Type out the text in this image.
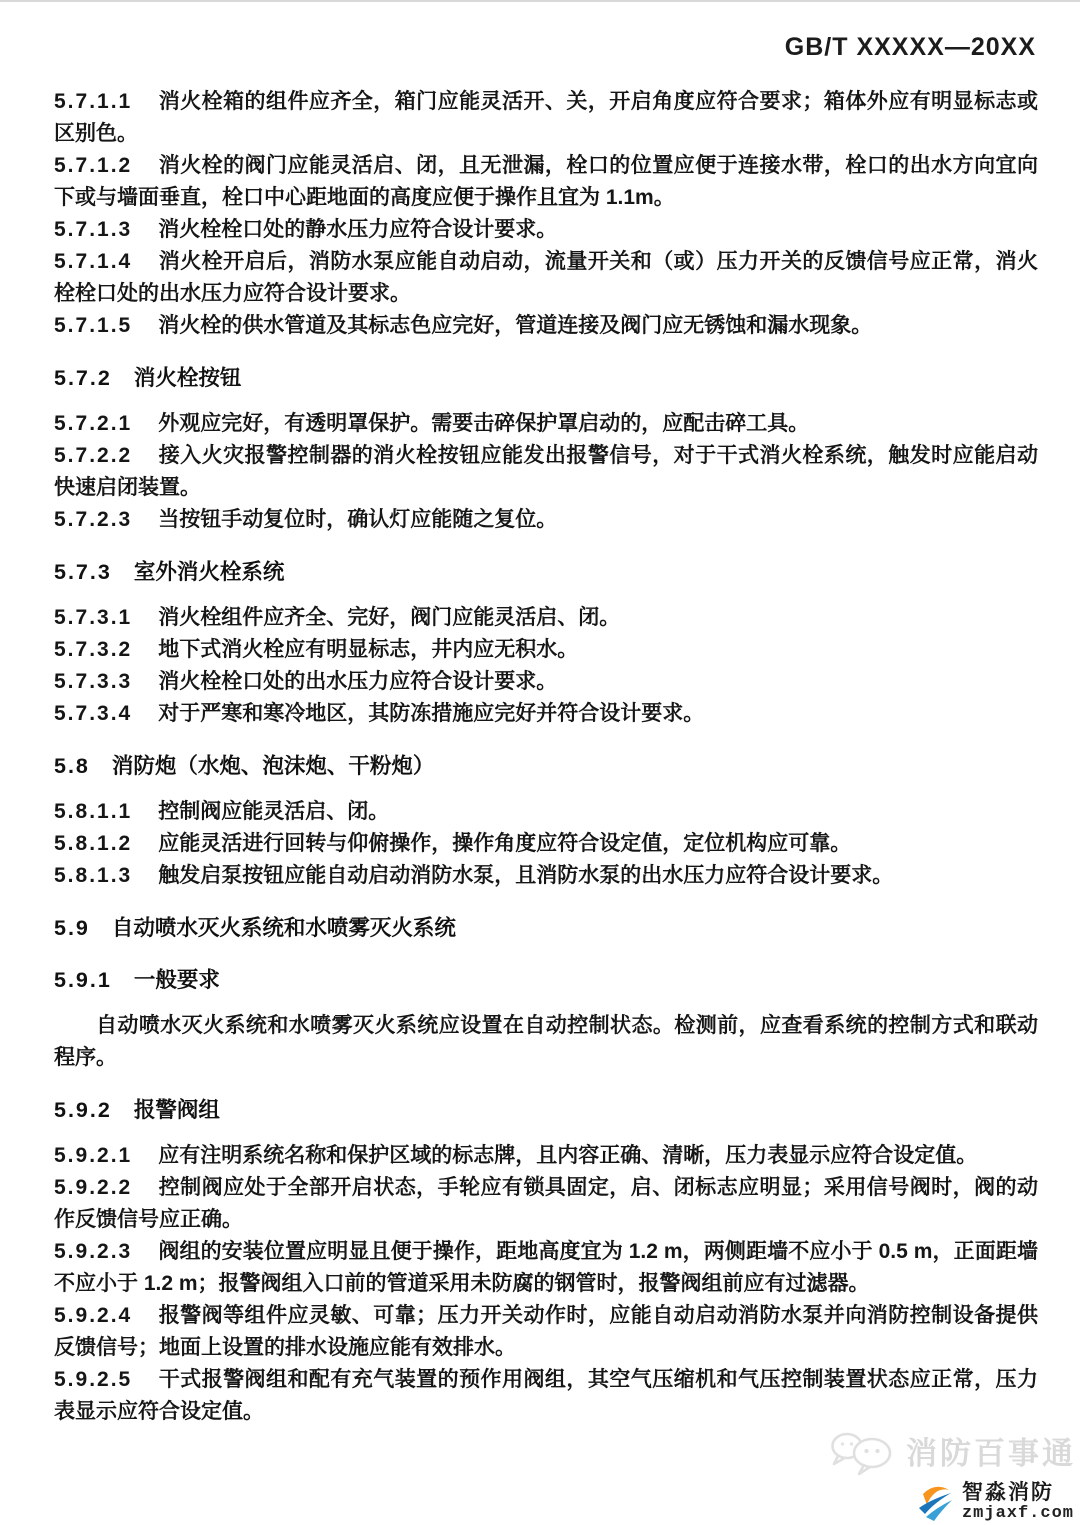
GB/T XXXXX—20XX

5.7.1.1 消火栓箱的组件应齐全，箱门应能灵活开、关，开启角度应符合要求；箱体外应有明显标志或区别色。

5.7.1.2 消火栓的阀门应能灵活启、闭，且无泄漏，栓口的位置应便于连接水带，栓口的出水方向宜向下或与墙面垂直，栓口中心距地面的高度应便于操作且宜为 1.1m。

5.7.1.3 消火栓栓口处的静水压力应符合设计要求。

5.7.1.4 消火栓开启后，消防水泵应能自动启动，流量开关和（或）压力开关的反馈信号应正常，消火栓栓口处的出水压力应符合设计要求。

5.7.1.5 消火栓的供水管道及其标志色应完好，管道连接及阀门应无锈蚀和漏水现象。

5.7.2 消火栓按钮

5.7.2.1 外观应完好，有透明罩保护。需要击碎保护罩启动的，应配击碎工具。

5.7.2.2 接入火灾报警控制器的消火栓按钮应能发出报警信号，对于干式消火栓系统，触发时应能启动快速启闭装置。

5.7.2.3 当按钮手动复位时，确认灯应能随之复位。

5.7.3 室外消火栓系统

5.7.3.1 消火栓组件应齐全、完好，阀门应能灵活启、闭。

5.7.3.2 地下式消火栓应有明显标志，井内应无积水。

5.7.3.3 消火栓栓口处的出水压力应符合设计要求。

5.7.3.4 对于严寒和寒冷地区，其防冻措施应完好并符合设计要求。

5.8 消防炮（水炮、泡沫炮、干粉炮）

5.8.1.1 控制阀应能灵活启、闭。

5.8.1.2 应能灵活进行回转与仰俯操作，操作角度应符合设定值，定位机构应可靠。

5.8.1.3 触发启泵按钮应能自动启动消防水泵，且消防水泵的出水压力应符合设计要求。

5.9 自动喷水灭火系统和水喷雾灭火系统

5.9.1 一般要求

自动喷水灭火系统和水喷雾灭火系统应设置在自动控制状态。检测前，应查看系统的控制方式和联动程序。

5.9.2 报警阀组

5.9.2.1 应有注明系统名称和保护区域的标志牌，且内容正确、清晰，压力表显示应符合设定值。

5.9.2.2 控制阀应处于全部开启状态，手轮应有锁具固定，启、闭标志应明显；采用信号阀时，阀的动作反馈信号应正确。

5.9.2.3 阀组的安装位置应明显且便于操作，距地高度宜为 1.2 m，两侧距墙不应小于 0.5 m，正面距墙不应小于 1.2 m；报警阀组入口前的管道采用未防腐的钢管时，报警阀组前应有过滤器。

5.9.2.4 报警阀等组件应灵敏、可靠；压力开关动作时，应能自动启动消防水泵并向消防控制设备提供反馈信号；地面上设置的排水设施应能有效排水。

5.9.2.5 干式报警阀组和配有充气装置的预作用阀组，其空气压缩机和气压控制装置状态应正常，压力表显示应符合设定值。

消防百事通
智淼消防
zmjaxf.com
